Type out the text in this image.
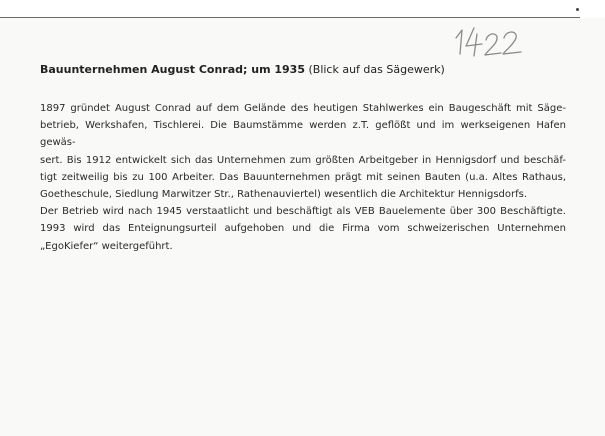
Bauunternehmen August Conrad; um 1935 (Blick auf das Sägewerk)
1897 gründet August Conrad auf dem Gelände des heutigen Stahlwerkes ein Baugeschäft mit Säge-
betrieb, Werkshafen, Tischlerei. Die Baumstämme werden z.T. geflößt und im werkseigenen Hafen gewäs-
sert. Bis 1912 entwickelt sich das Unternehmen zum größten Arbeitgeber in Hennigsdorf und beschäf-
tigt zeitweilig bis zu 100 Arbeiter. Das Bauunternehmen prägt mit seinen Bauten (u.a. Altes Rathaus,
Goetheschule, Siedlung Marwitzer Str., Rathenauviertel) wesentlich die Architektur Hennigsdorfs.
Der Betrieb wird nach 1945 verstaatlicht und beschäftigt als VEB Bauelemente über 300 Beschäftigte.
1993 wird das Enteignungsurteil aufgehoben und die Firma vom schweizerischen Unternehmen
„EgoKiefer“ weitergeführt.
